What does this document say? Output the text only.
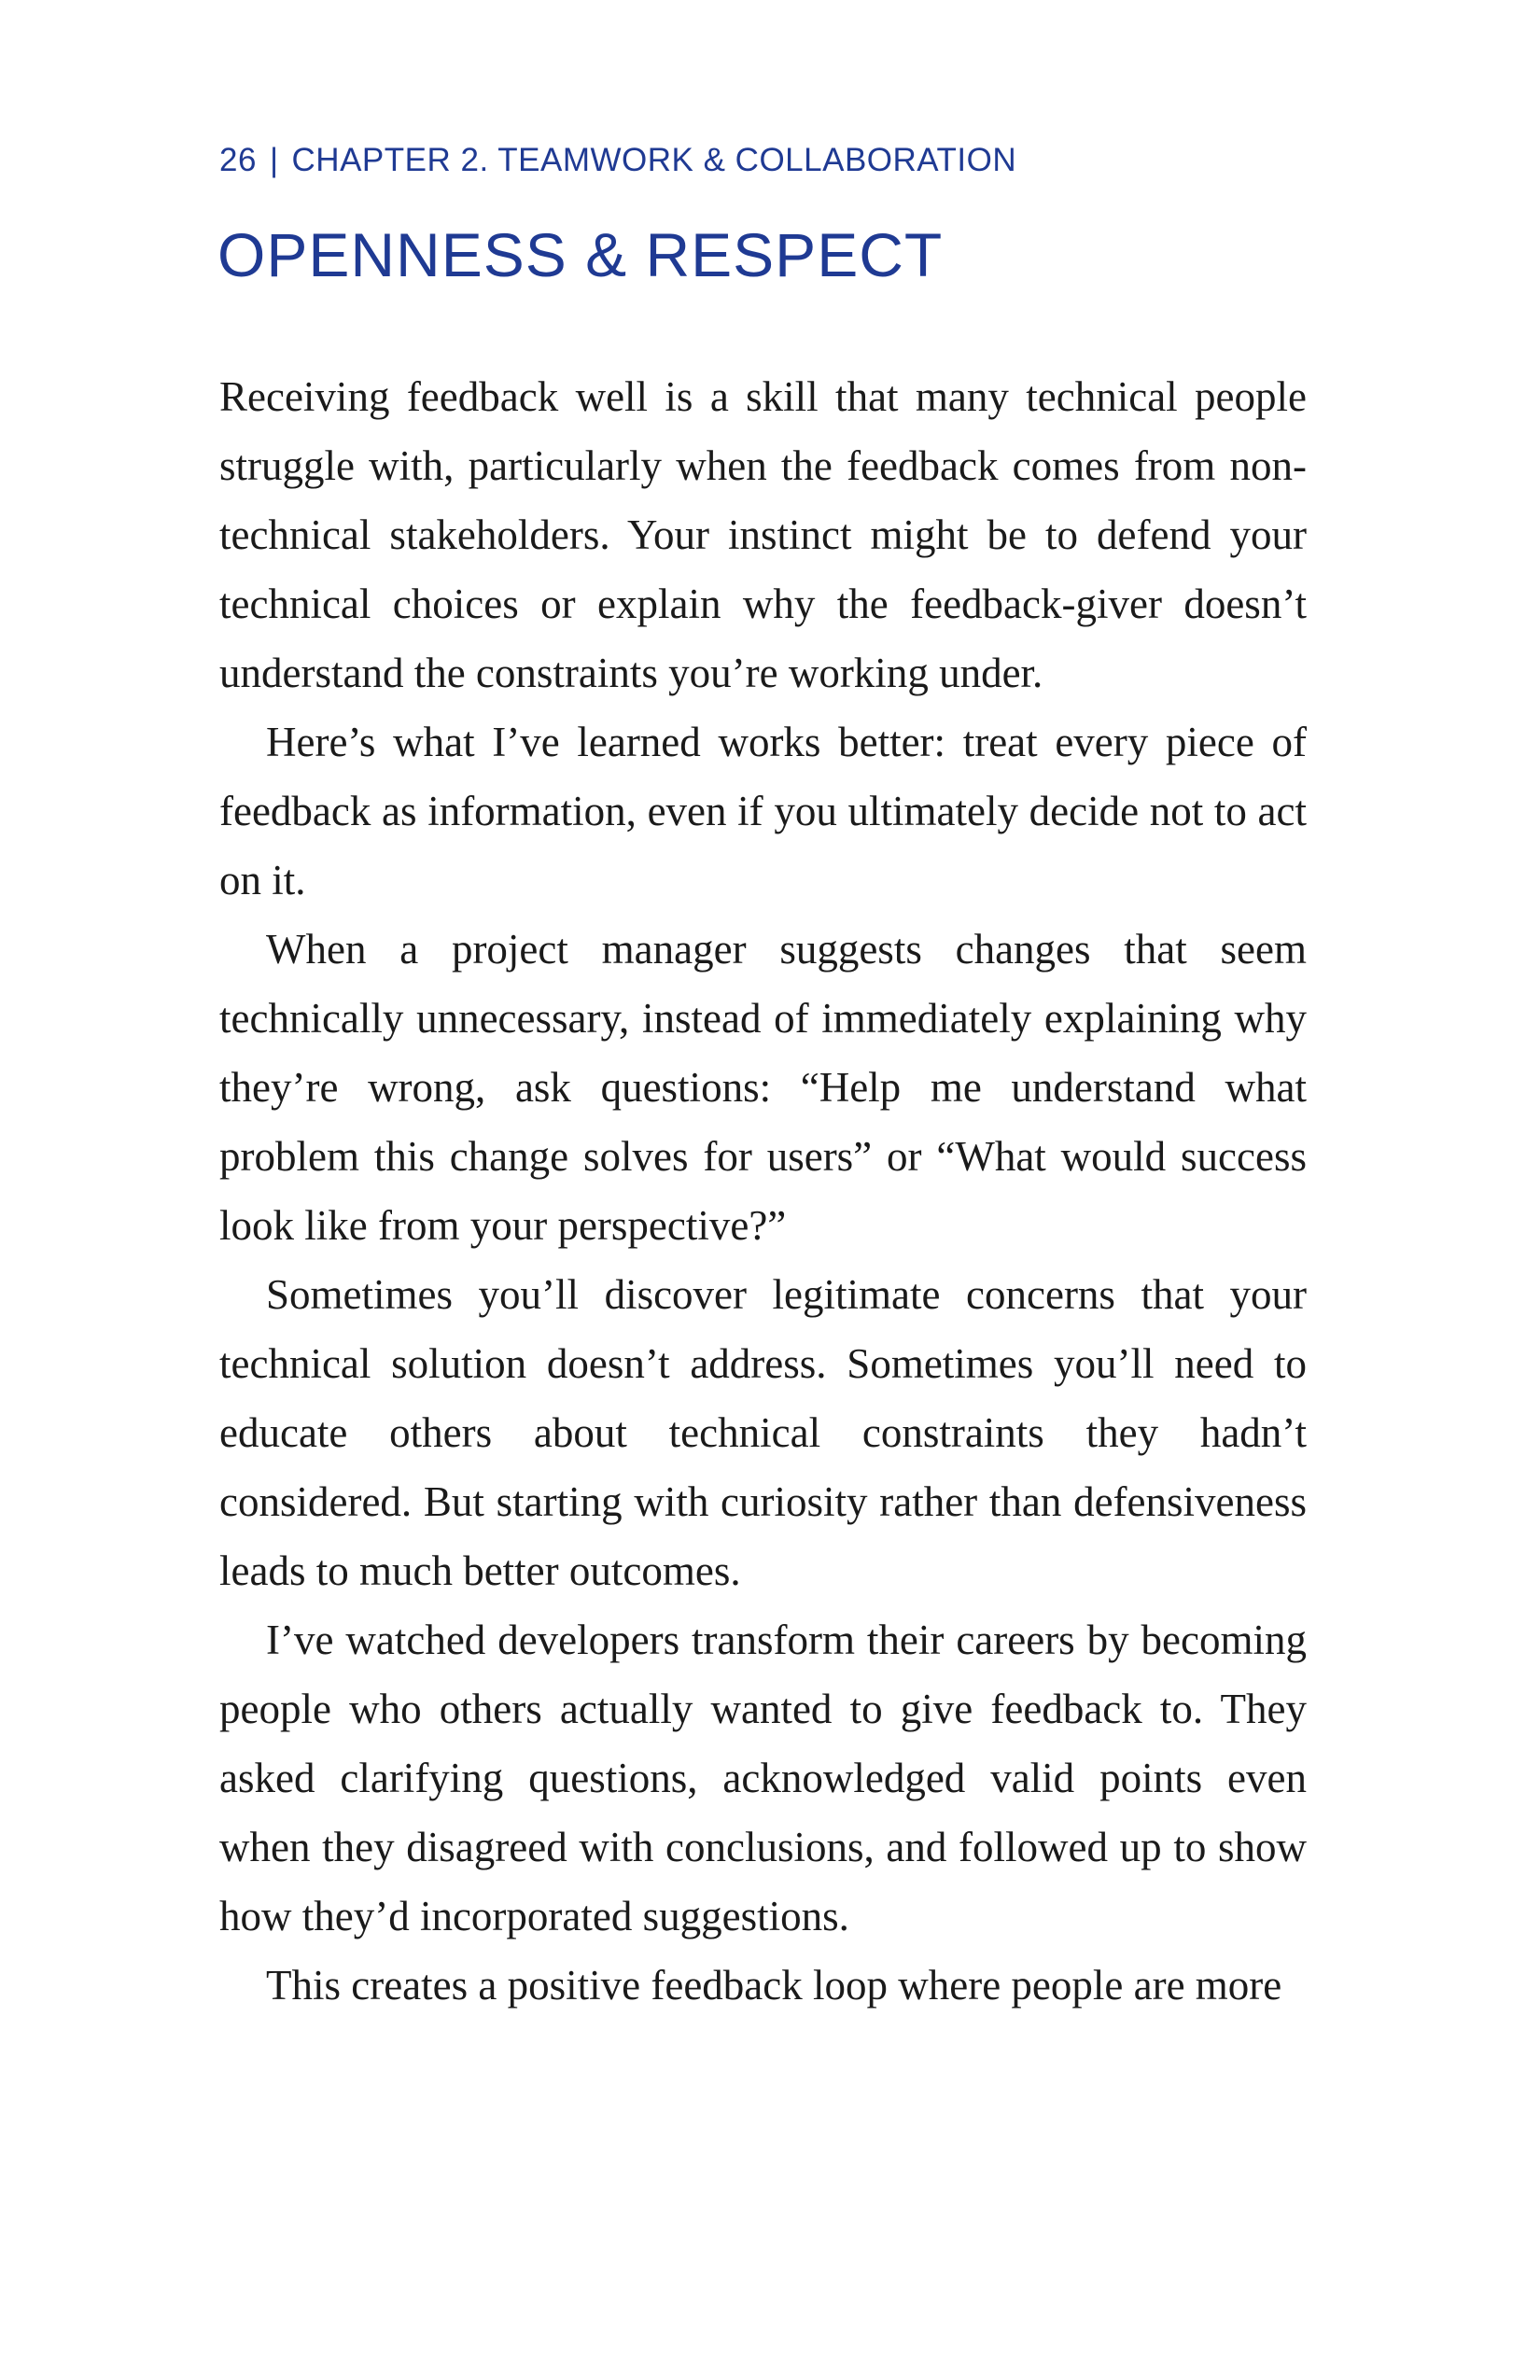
26 | CHAPTER 2. TEAMWORK & COLLABORATION
OPENNESS & RESPECT

Receiving feedback well is a skill that many technical people struggle with, particularly when the feedback comes from non-technical stakeholders. Your instinct might be to defend your technical choices or explain why the feedback-giver doesn’t understand the constraints you’re working under.

Here’s what I’ve learned works better: treat every piece of feedback as information, even if you ultimately decide not to act on it.

When a project manager suggests changes that seem technically unnecessary, instead of immediately explaining why they’re wrong, ask questions: “Help me understand what problem this change solves for users” or “What would success look like from your perspective?”

Sometimes you’ll discover legitimate concerns that your technical solution doesn’t address. Sometimes you’ll need to educate others about technical constraints they hadn’t considered. But starting with curiosity rather than defensiveness leads to much better outcomes.

I’ve watched developers transform their careers by becoming people who others actually wanted to give feedback to. They asked clarifying questions, acknowledged valid points even when they disagreed with conclusions, and followed up to show how they’d incorporated suggestions.

This creates a positive feedback loop where people are more
